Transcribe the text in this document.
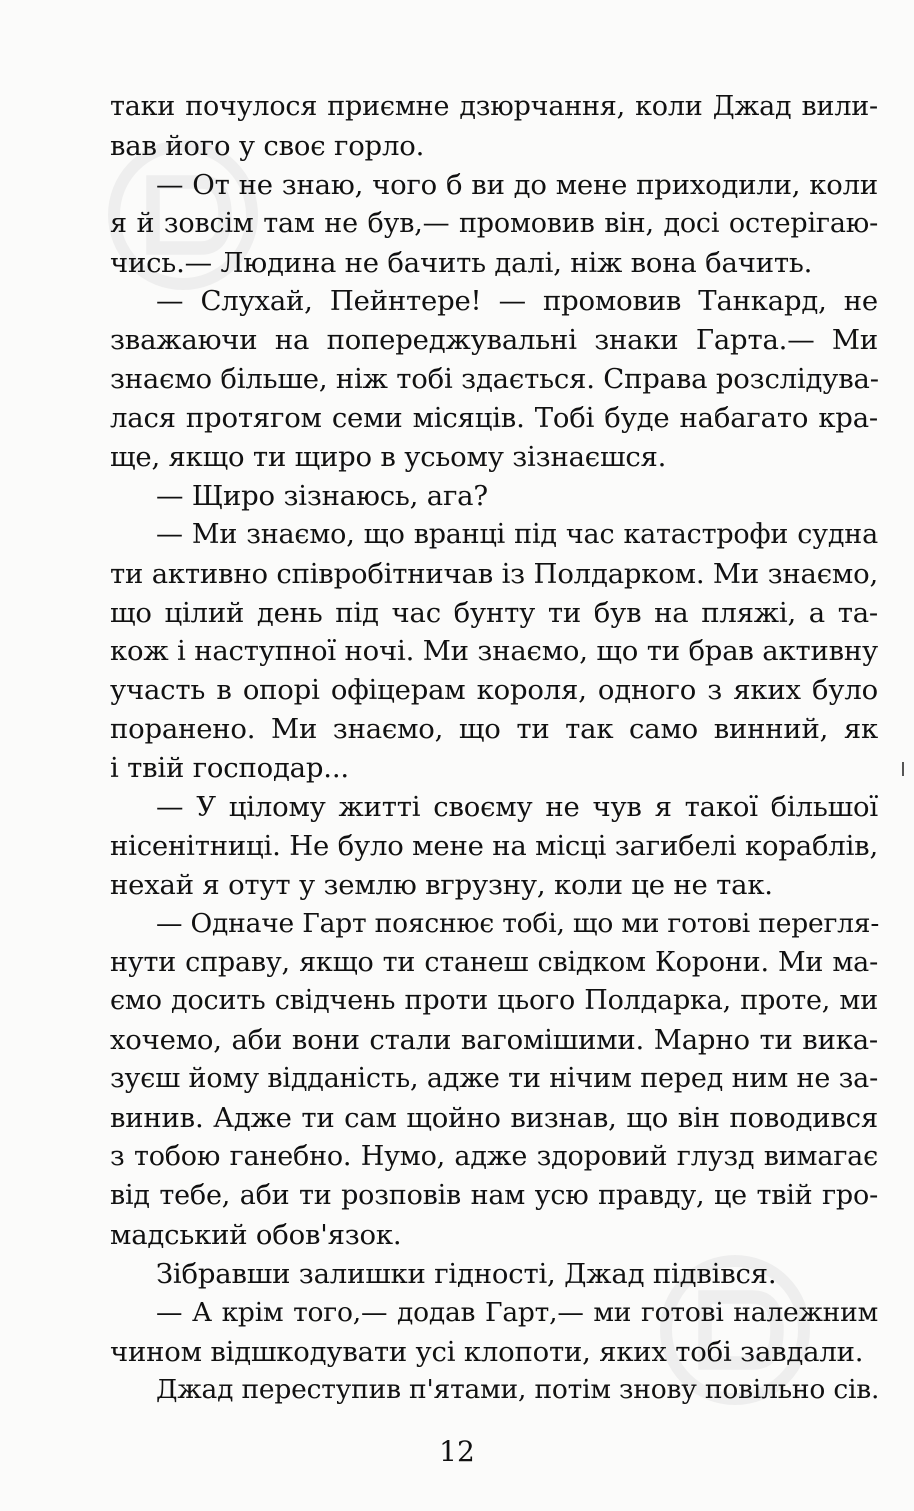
таки почулося приємне дзюрчання, коли Джад вили-
вав його у своє горло.
— От не знаю, чого б ви до мене приходили, коли
я й зовсім там не був,— промовив він, досі остерігаю-
чись.— Людина не бачить далі, ніж вона бачить.
— Слухай, Пейнтере! — промовив Танкард, не
зважаючи на попереджувальні знаки Гарта.— Ми
знаємо більше, ніж тобі здається. Справа розслідува-
лася протягом семи місяців. Тобі буде набагато кра-
ще, якщо ти щиро в усьому зізнаєшся.
— Щиро зізнаюсь, ага?
— Ми знаємо, що вранці під час катастрофи судна
ти активно співробітничав із Полдарком. Ми знаємо,
що цілий день під час бунту ти був на пляжі, а та-
кож і наступної ночі. Ми знаємо, що ти брав активну
участь в опорі офіцерам короля, одного з яких було
поранено. Ми знаємо, що ти так само винний, як
і твій господар...
— У цілому житті своєму не чув я такої більшої
нісенітниці. Не було мене на місці загибелі кораблів,
нехай я отут у землю вгрузну, коли це не так.
— Одначе Гарт пояснює тобі, що ми готові перегля-
нути справу, якщо ти станеш свідком Корони. Ми ма-
ємо досить свідчень проти цього Полдарка, проте, ми
хочемо, аби вони стали вагомішими. Марно ти вика-
зуєш йому відданість, адже ти нічим перед ним не за-
винив. Адже ти сам щойно визнав, що він поводився
з тобою ганебно. Нумо, адже здоровий глузд вимагає
від тебе, аби ти розповів нам усю правду, це твій гро-
мадський обов'язок.
Зібравши залишки гідності, Джад підвівся.
— А крім того,— додав Гарт,— ми готові належним
чином відшкодувати усі клопоти, яких тобі завдали.
Джад переступив п'ятами, потім знову повільно сів.
12
